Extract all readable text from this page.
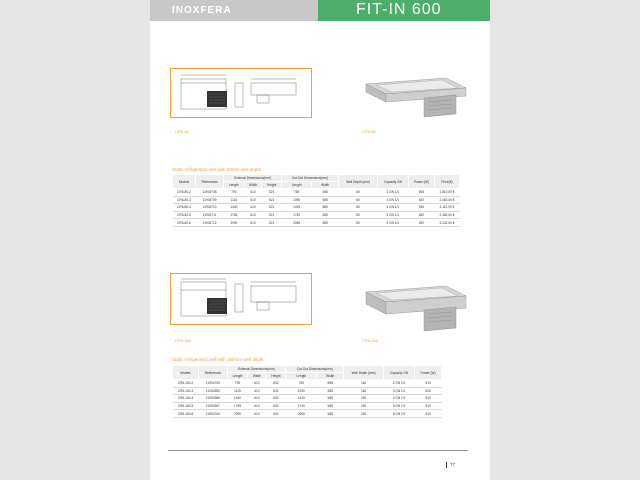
INOXFERA	FIT-IN 600
CR6-80	CR6-80
Static refrigerated well with 80mm well depth
Models	References	External Dimensions(mm)			Cut-Out Dimensions(mm)		Well Depth (mm)	Capacity GN	Power (W)	Price(€)
		Length	Width	Height	Length	Width				
CR6-80-2	11904708	790	610	521	765	585	80	2 GN 1/1	505	1.810,00 €
CR6-80-3	11904709	1115	610	521	1090	585	80	3 GN 1/1	520	2.060,00 €
CR6-80-4	11904710	1440	610	521	1415	585	80	4 GN 1/1	535	2.112,00 €
CR6-80-5	11904711	1765	610	521	1740	585	80	5 GN 1/1	480	2.482,00 €
CR6-80-6	11904712	2090	610	521	2065	585	80	6 GN 1/1	490	3.142,00 €
CR6-160	CR6-160
Static refrigerated well with 160mm well depth
Models	References	External Dimensions(mm)			Cut-Out Dimensions(mm)		Well Depth (mm)	Capacity GN	Power (W)
		Length	Width	Height	Length	Width			
CR6-160-2	11904763	790	610	632	765	585	160	2 GN 1/1	510
CR6-160-3	11904385	1115	610	632	1090	585	160	3 GN 1/1	525
CR6-160-4	11904386	1440	610	632	1415	585	160	4 GN 1/1	540
CR6-160-5	11904387	1765	610	632	1740	585	160	5 GN 1/1	510
CR6-160-6	11904764	2090	610	632	2065	585	160	6 GN 1/1	540
77
